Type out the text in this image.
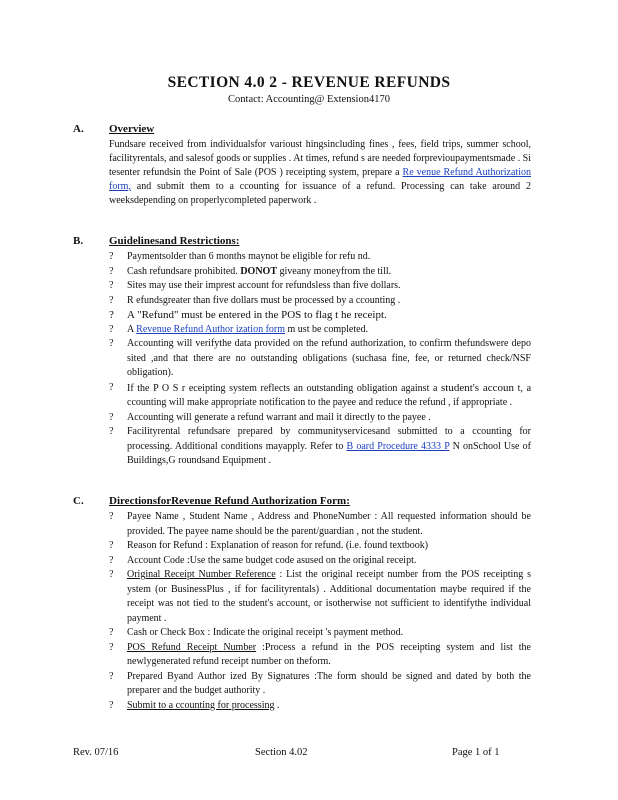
SECTION 4.0 2 - REVENUE REFUNDS
Contact: Accounting@ Extension4170
A. Overview

Fundsare received from individualsfor varioust hingsincluding fines , fees, field trips, summer school, facilityrentals, and salesof goods or supplies . At times, refund s are needed forprevioupaymentsmade . Si tesenter refundsin the Point of Sale (POS ) receipting system, prepare a Re venue Refund Authorization form, and submit them to a ccounting for issuance of a refund. Processing can take around 2 weeksdepending on properlycompleted paperwork .

B. Guidelinesand Restrictions:
? Paymentsolder than 6 months maynot be eligible for refu nd.
? Cash refundsare prohibited. DONOT giveany moneyfrom the till.
? Sites may use their imprest account for refundsless than five dollars.
? R efundsgreater than five dollars must be processed by a ccounting .
? A "Refund" must be entered in the POS to flag t he receipt.
? A Revenue Refund Author ization form m ust be completed.
? Accounting will verifythe data provided on the refund authorization, to confirm thefundswere depo sited ,and that there are no outstanding obligations (suchasa fine, fee, or returned check/NSF obligation).
? If the P O S r eceipting system reflects an outstanding obligation against a student's accoun t, a ccounting will make appropriate notification to the payee and reduce the refund , if appropriate .
? Accounting will generate a refund warrant and mail it directly to the payee .
? Facilityrental refundsare prepared by communityservicesand submitted to a ccounting for processing. Additional conditions mayapply. Refer to B oard Procedure 4333 P N onSchool Use of Buildings,G roundsand Equipment .
C. DirectionsforRevenue Refund Authorization Form:
? Payee Name , Student Name , Address and PhoneNumber : All requested information should be provided. The payee name should be the parent/guardian , not the student.
? Reason for Refund : Explanation of reason for refund. (i.e. found textbook)
? Account Code :Use the same budget code asused on the original receipt.
? Original Receipt Number Reference : List the original receipt number from the POS receipting s ystem (or BusinessPlus , if for facilityrentals) . Additional documentation maybe required if the receipt was not tied to the student's account, or isotherwise not sufficient to identifythe individual payment .
? Cash or Check Box : Indicate the original receipt 's payment method.
? POS Refund Receipt Number :Process a refund in the POS receipting system and list the newlygenerated refund receipt number on theform.
? Prepared Byand Author ized By Signatures :The form should be signed and dated by both the preparer and the budget authority .
? Submit to a ccounting for processing .
Rev. 07/16	Section 4.02	Page 1 of 1
